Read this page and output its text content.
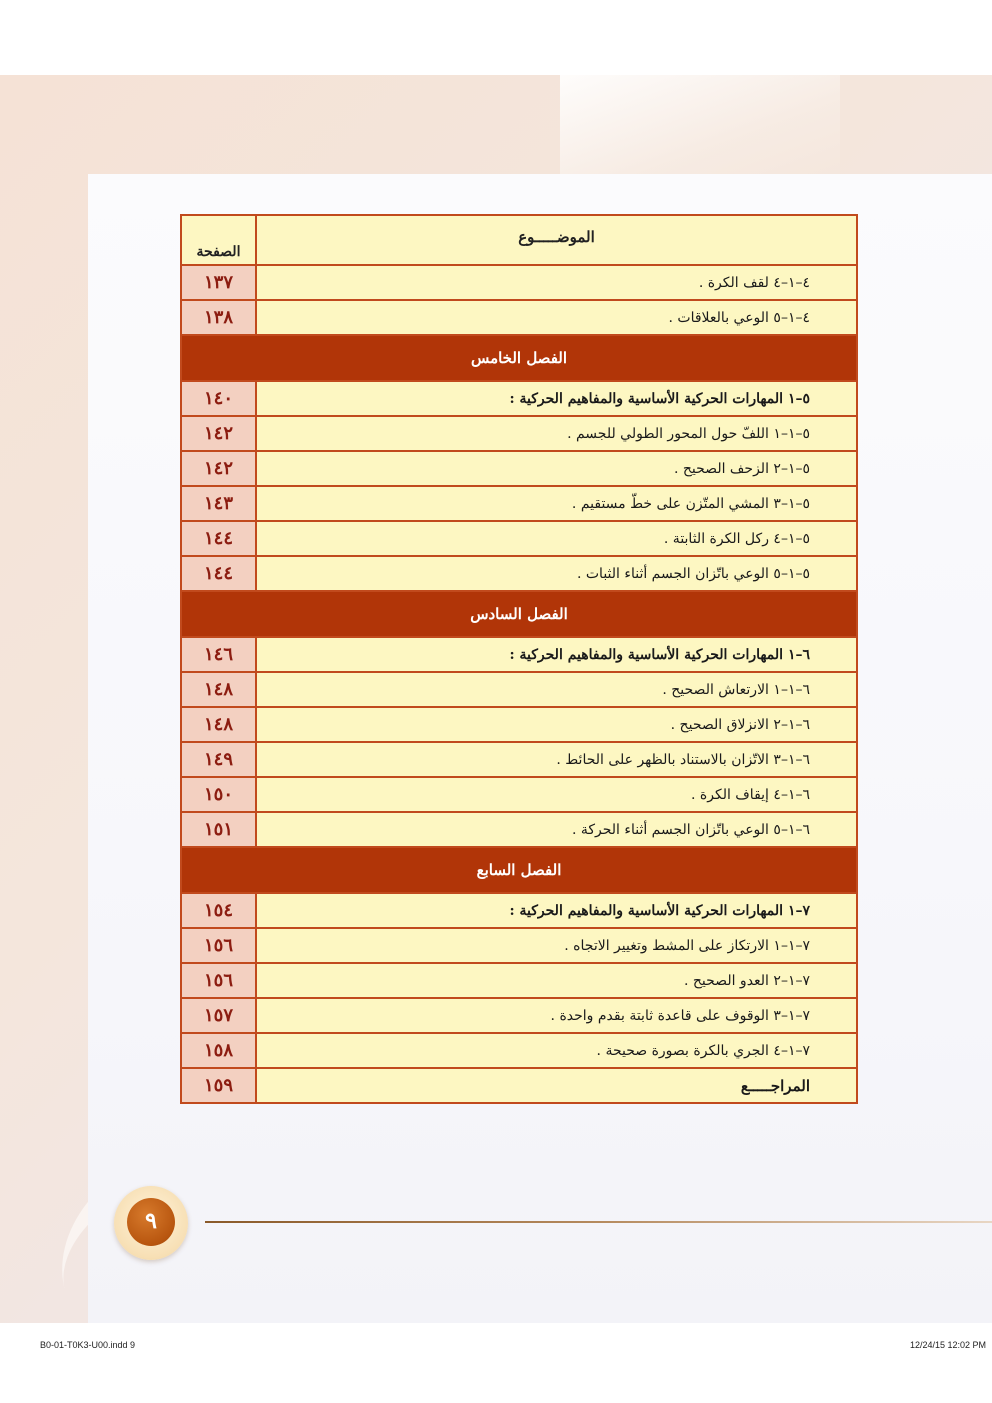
الموضـــــوع	الصفحة
٤–١–٤ لقف الكرة .	١٣٧
٤–١–٥ الوعي بالعلاقات .	١٣٨
الفصل الخامس	
٥–١ المهارات الحركية الأساسية والمفاهيم الحركية :	١٤٠
٥–١–١ اللفّ حول المحور الطولي للجسم .	١٤٢
٥–١–٢ الزحف الصحيح .	١٤٢
٥–١–٣ المشي المتّزن على خطّ مستقيم .	١٤٣
٥–١–٤ ركل الكرة الثابتة .	١٤٤
٥–١–٥ الوعي باتّزان الجسم أثناء الثبات .	١٤٤
الفصل السادس	
٦–١ المهارات الحركية الأساسية والمفاهيم الحركية :	١٤٦
٦–١–١ الارتعاش الصحيح .	١٤٨
٦–١–٢ الانزلاق الصحيح .	١٤٨
٦–١–٣ الاتّزان بالاستناد بالظهر على الحائط .	١٤٩
٦–١–٤ إيقاف الكرة .	١٥٠
٦–١–٥ الوعي باتّزان الجسم أثناء الحركة .	١٥١
الفصل السابع	
٧–١ المهارات الحركية الأساسية والمفاهيم الحركية :	١٥٤
٧–١–١ الارتكاز على المشط وتغيير الاتجاه .	١٥٦
٧–١–٢ العدو الصحيح .	١٥٦
٧–١–٣ الوقوف على قاعدة ثابتة بقدم واحدة .	١٥٧
٧–١–٤ الجري بالكرة بصورة صحيحة .	١٥٨
المراجـــــع	١٥٩
٩
B0-01-T0K3-U00.indd 9	12/24/15 12:02 PM
